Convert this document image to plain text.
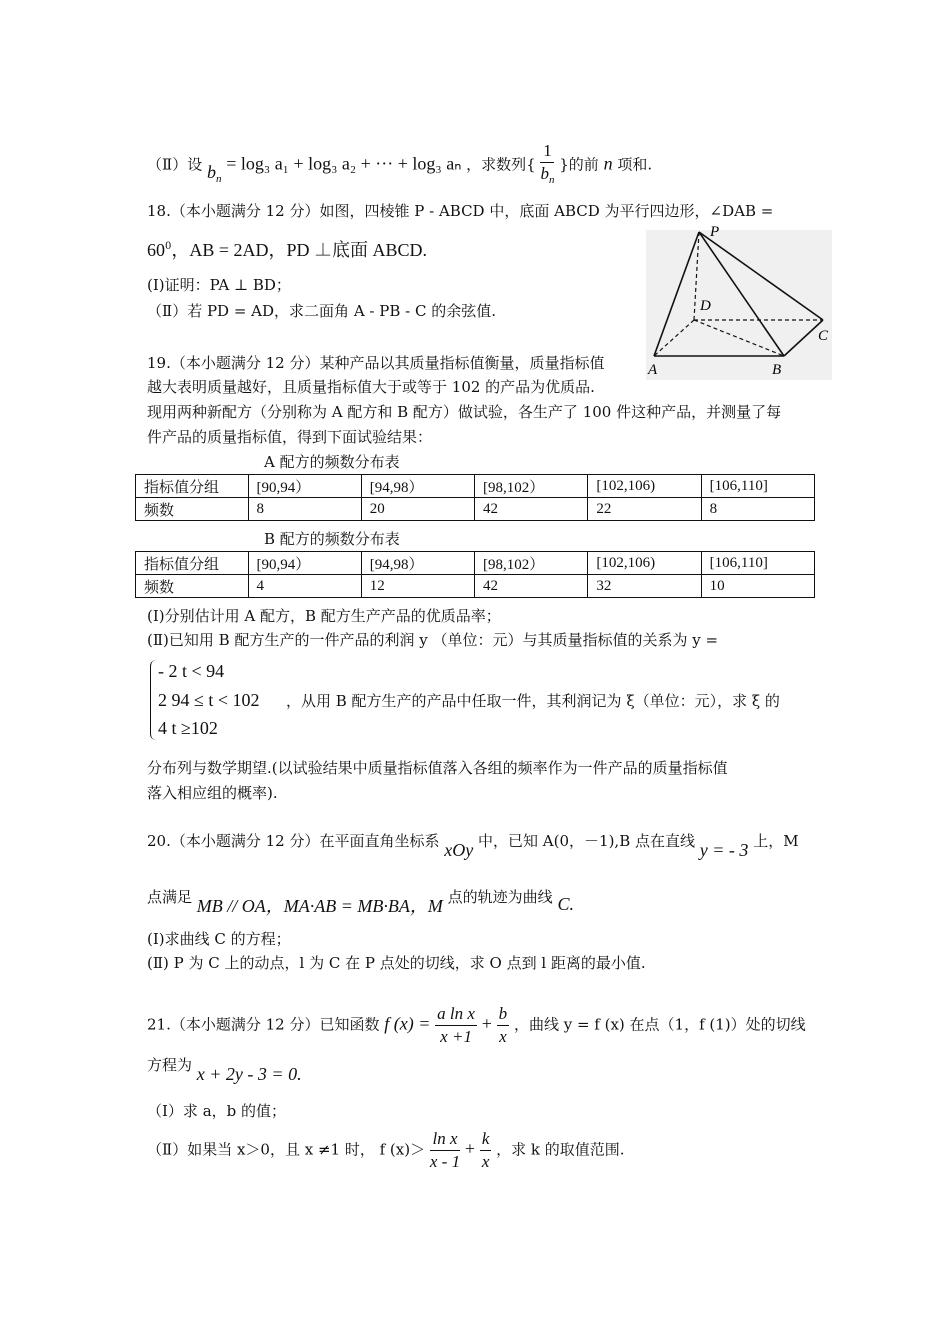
（Ⅱ）设 $b_n = \log_3$ a₁ + log₃ a₂ + ··· + log₃ aₙ ，求数列{ $\frac{1}{b_n}$ }的前 n 项和.
18.（本小题满分 12 分）如图，四棱锥 P - ABCD 中，底面 ABCD 为平行四边形，∠DAB =
$60^0$，AB = 2AD，PD ⊥底面 ABCD.
(Ⅰ)证明：PA ⊥ BD；
（Ⅱ）若 PD = AD，求二面角 A - PB - C 的余弦值.
P
D
C
A	B
19.（本小题满分 12 分）某种产品以其质量指标值衡量，质量指标值
越大表明质量越好，且质量指标值大于或等于 102 的产品为优质品.
现用两种新配方（分别称为 A 配方和 B 配方）做试验，各生产了 100 件这种产品，并测量了每
件产品的质量指标值，得到下面试验结果：
A 配方的频数分布表
指标值分组	[90,94）	[94,98）	[98,102）	[102,106)	[106,110]
频数	8	20	42	22	8
B 配方的频数分布表
指标值分组	[90,94）	[94,98）	[98,102）	[102,106)	[106,110]
频数	4	12	42	32	10
(Ⅰ)分别估计用 A 配方，B 配方生产产品的优质品率；
(Ⅱ)已知用 B 配方生产的一件产品的利润 y （单位：元）与其质量指标值的关系为 y =
- 2 t < 94
2 94 ≤ t < 102
4 t ≥102
，从用 B 配方生产的产品中任取一件，其利润记为 ξ（单位：元），求 ξ 的
分布列与数学期望.(以试验结果中质量指标值落入各组的频率作为一件产品的质量指标值
落入相应组的概率).
20.（本小题满分 12 分）在平面直角坐标系 xOy 中，已知 A(0，－1),B 点在直线 y = - 3 上，M
点满足 MB // OA，MA·AB = MB·BA，M 点的轨迹为曲线 C.
(Ⅰ)求曲线 C 的方程；
(Ⅱ) P 为 C 上的动点，l 为 C 在 P 点处的切线，求 O 点到 l 距离的最小值.
21.（本小题满分 12 分）已知函数 f $(x) = \frac{\text{a ln x}}{x +1} + \frac{b}{x}$ ，曲线 y = f (x) 在点（1，f (1)）处的切线
方程为 x + 2y - 3 = 0.
（Ⅰ）求 a，b 的值；
（Ⅱ）如果当 x＞0，且 x ≠1 时， f $(x)> \frac{\text{ln x}}{x - 1} + \frac{k}{x}$ ，求 k 的取值范围.
